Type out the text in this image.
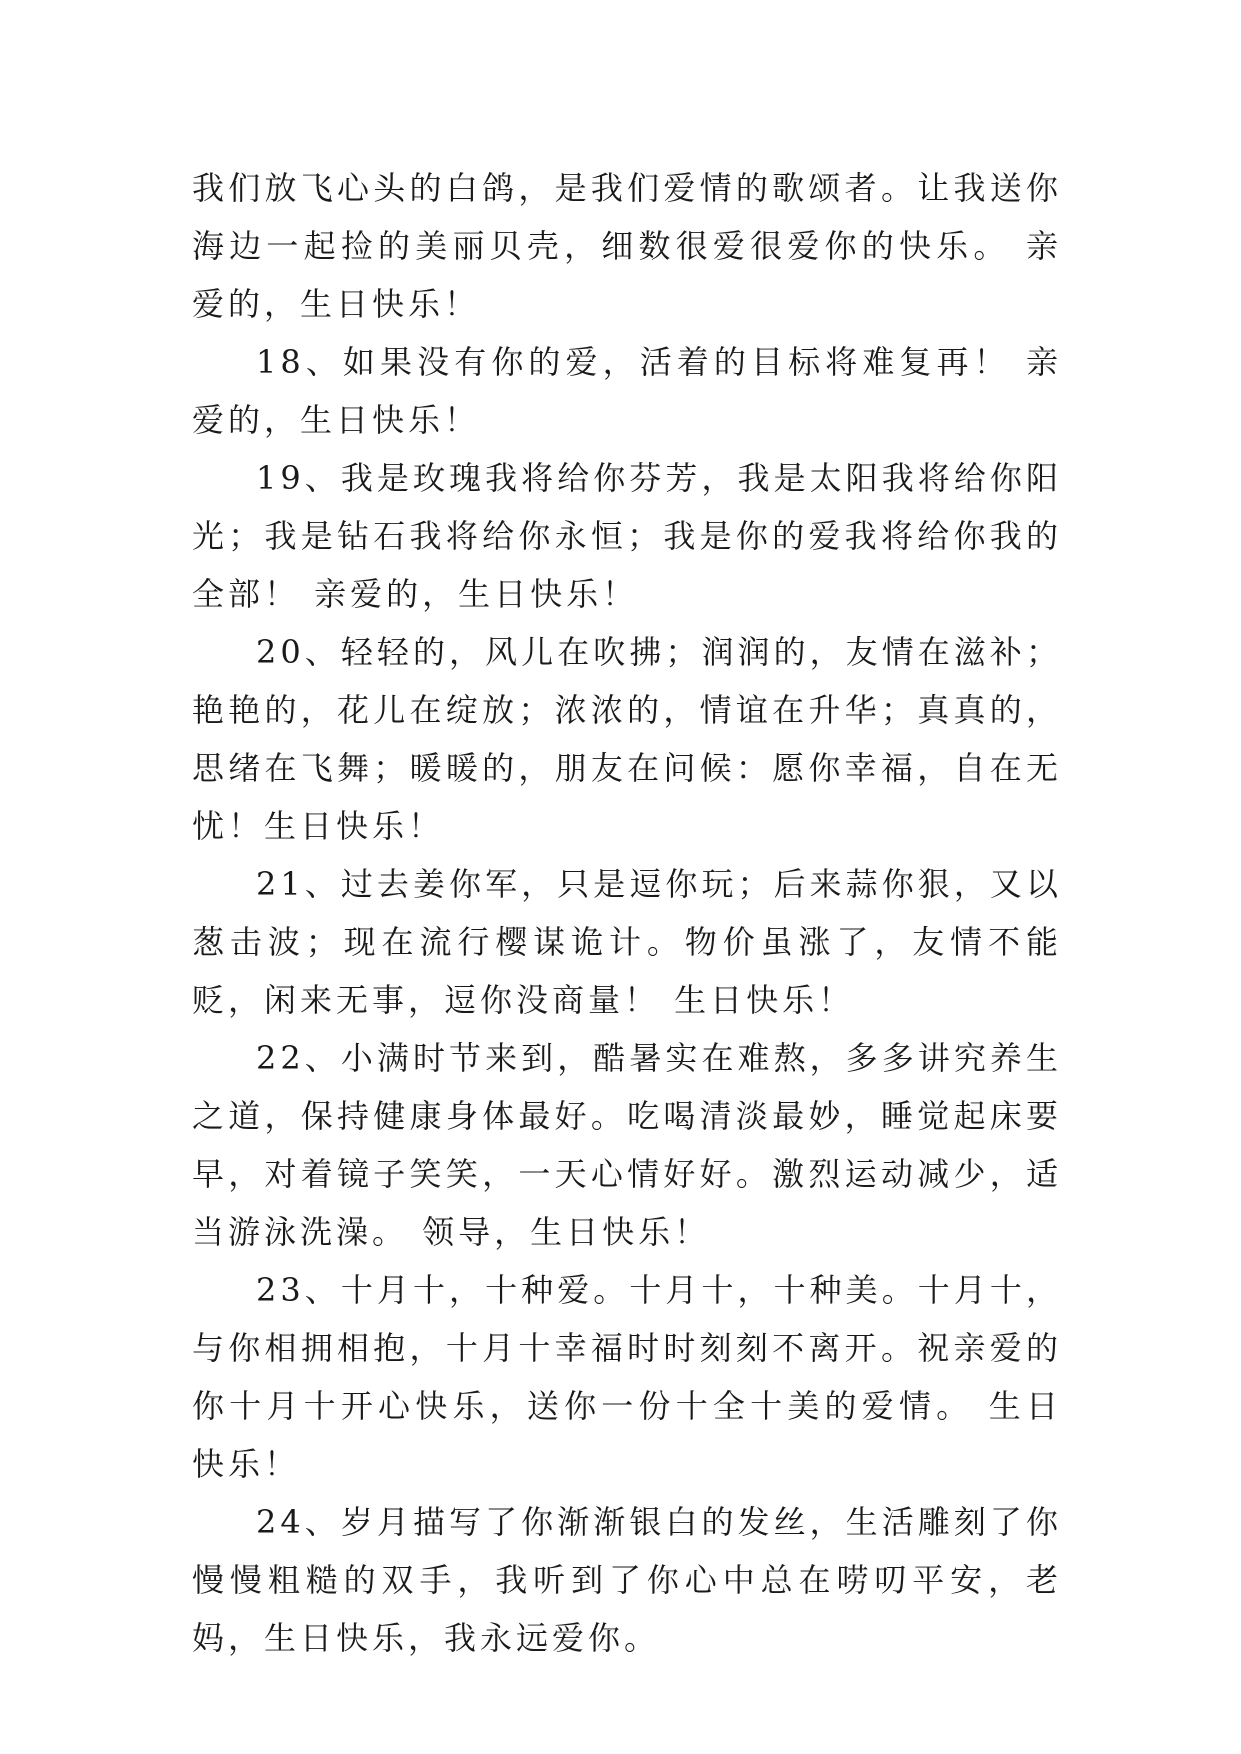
我们放飞心头的白鸽，是我们爱情的歌颂者。让我送你海边一起捡的美丽贝壳，细数很爱很爱你的快乐。 亲爱的，生日快乐！

18、如果没有你的爱，活着的目标将难复再！ 亲爱的，生日快乐！

19、我是玫瑰我将给你芬芳，我是太阳我将给你阳光；我是钻石我将给你永恒；我是你的爱我将给你我的全部！ 亲爱的，生日快乐！

20、轻轻的，风儿在吹拂；润润的，友情在滋补；艳艳的，花儿在绽放；浓浓的，情谊在升华；真真的，思绪在飞舞；暖暖的，朋友在问候：愿你幸福，自在无忧！生日快乐！

21、过去姜你军，只是逗你玩；后来蒜你狠，又以葱击波；现在流行樱谋诡计。物价虽涨了，友情不能贬，闲来无事，逗你没商量！ 生日快乐！

22、小满时节来到，酷暑实在难熬，多多讲究养生之道，保持健康身体最好。吃喝清淡最妙，睡觉起床要早，对着镜子笑笑，一天心情好好。激烈运动减少，适当游泳洗澡。 领导，生日快乐！

23、十月十，十种爱。十月十，十种美。十月十，与你相拥相抱，十月十幸福时时刻刻不离开。祝亲爱的你十月十开心快乐，送你一份十全十美的爱情。 生日快乐！

24、岁月描写了你渐渐银白的发丝，生活雕刻了你慢慢粗糙的双手，我听到了你心中总在唠叨平安，老妈，生日快乐，我永远爱你。
